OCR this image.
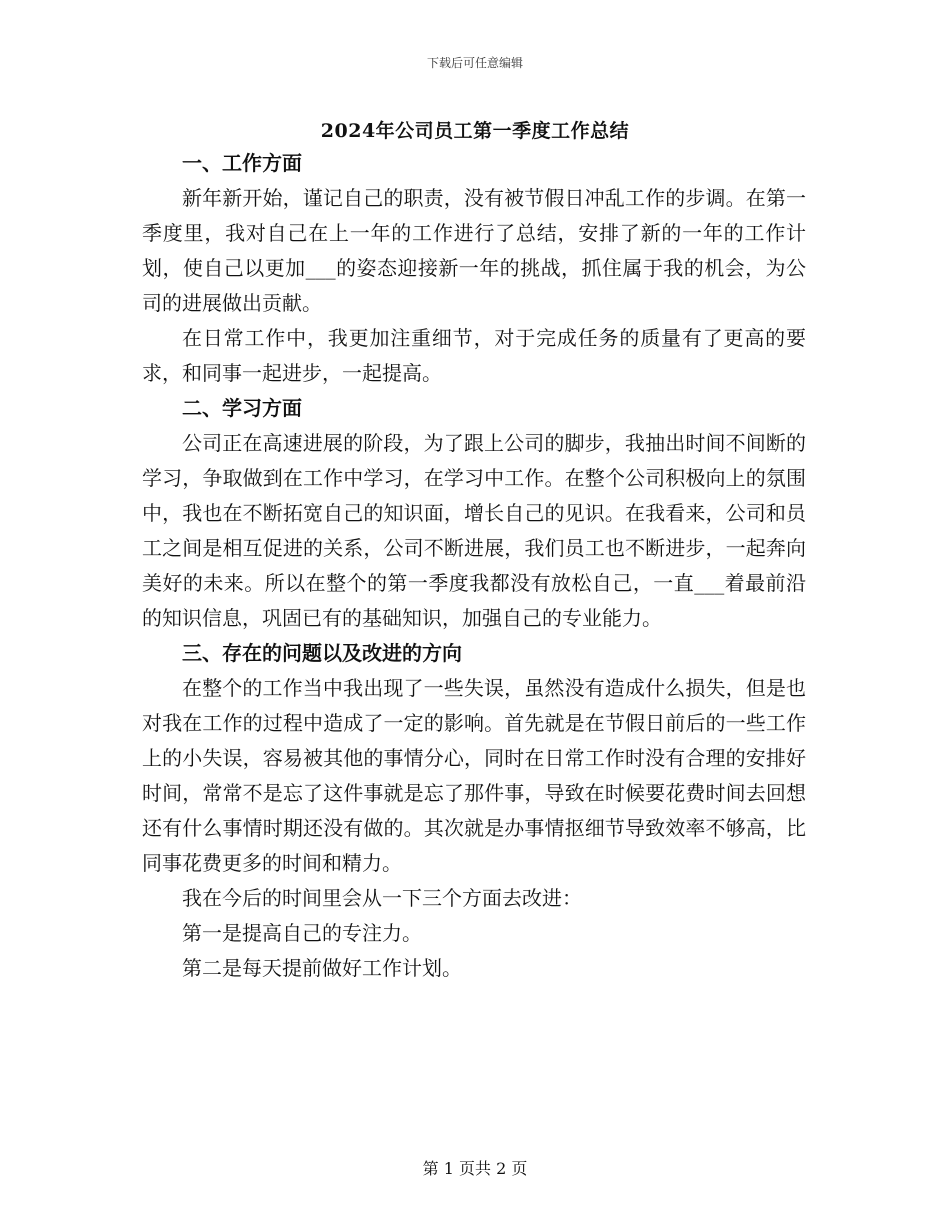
下载后可任意编辑
2024年公司员工第一季度工作总结
一、工作方面

新年新开始，谨记自己的职责，没有被节假日冲乱工作的步调。在第一季度里，我对自己在上一年的工作进行了总结，安排了新的一年的工作计划，使自己以更加___的姿态迎接新一年的挑战，抓住属于我的机会，为公司的进展做出贡献。

在日常工作中，我更加注重细节，对于完成任务的质量有了更高的要求，和同事一起进步，一起提高。

二、学习方面

公司正在高速进展的阶段，为了跟上公司的脚步，我抽出时间不间断的学习，争取做到在工作中学习，在学习中工作。在整个公司积极向上的氛围中，我也在不断拓宽自己的知识面，增长自己的见识。在我看来，公司和员工之间是相互促进的关系，公司不断进展，我们员工也不断进步，一起奔向美好的未来。所以在整个的第一季度我都没有放松自己，一直___着最前沿的知识信息，巩固已有的基础知识，加强自己的专业能力。

三、存在的问题以及改进的方向

在整个的工作当中我出现了一些失误，虽然没有造成什么损失，但是也对我在工作的过程中造成了一定的影响。首先就是在节假日前后的一些工作上的小失误，容易被其他的事情分心，同时在日常工作时没有合理的安排好时间，常常不是忘了这件事就是忘了那件事，导致在时候要花费时间去回想还有什么事情时期还没有做的。其次就是办事情抠细节导致效率不够高，比同事花费更多的时间和精力。

我在今后的时间里会从一下三个方面去改进：

第一是提高自己的专注力。

第二是每天提前做好工作计划。

第 1 页共 2 页
